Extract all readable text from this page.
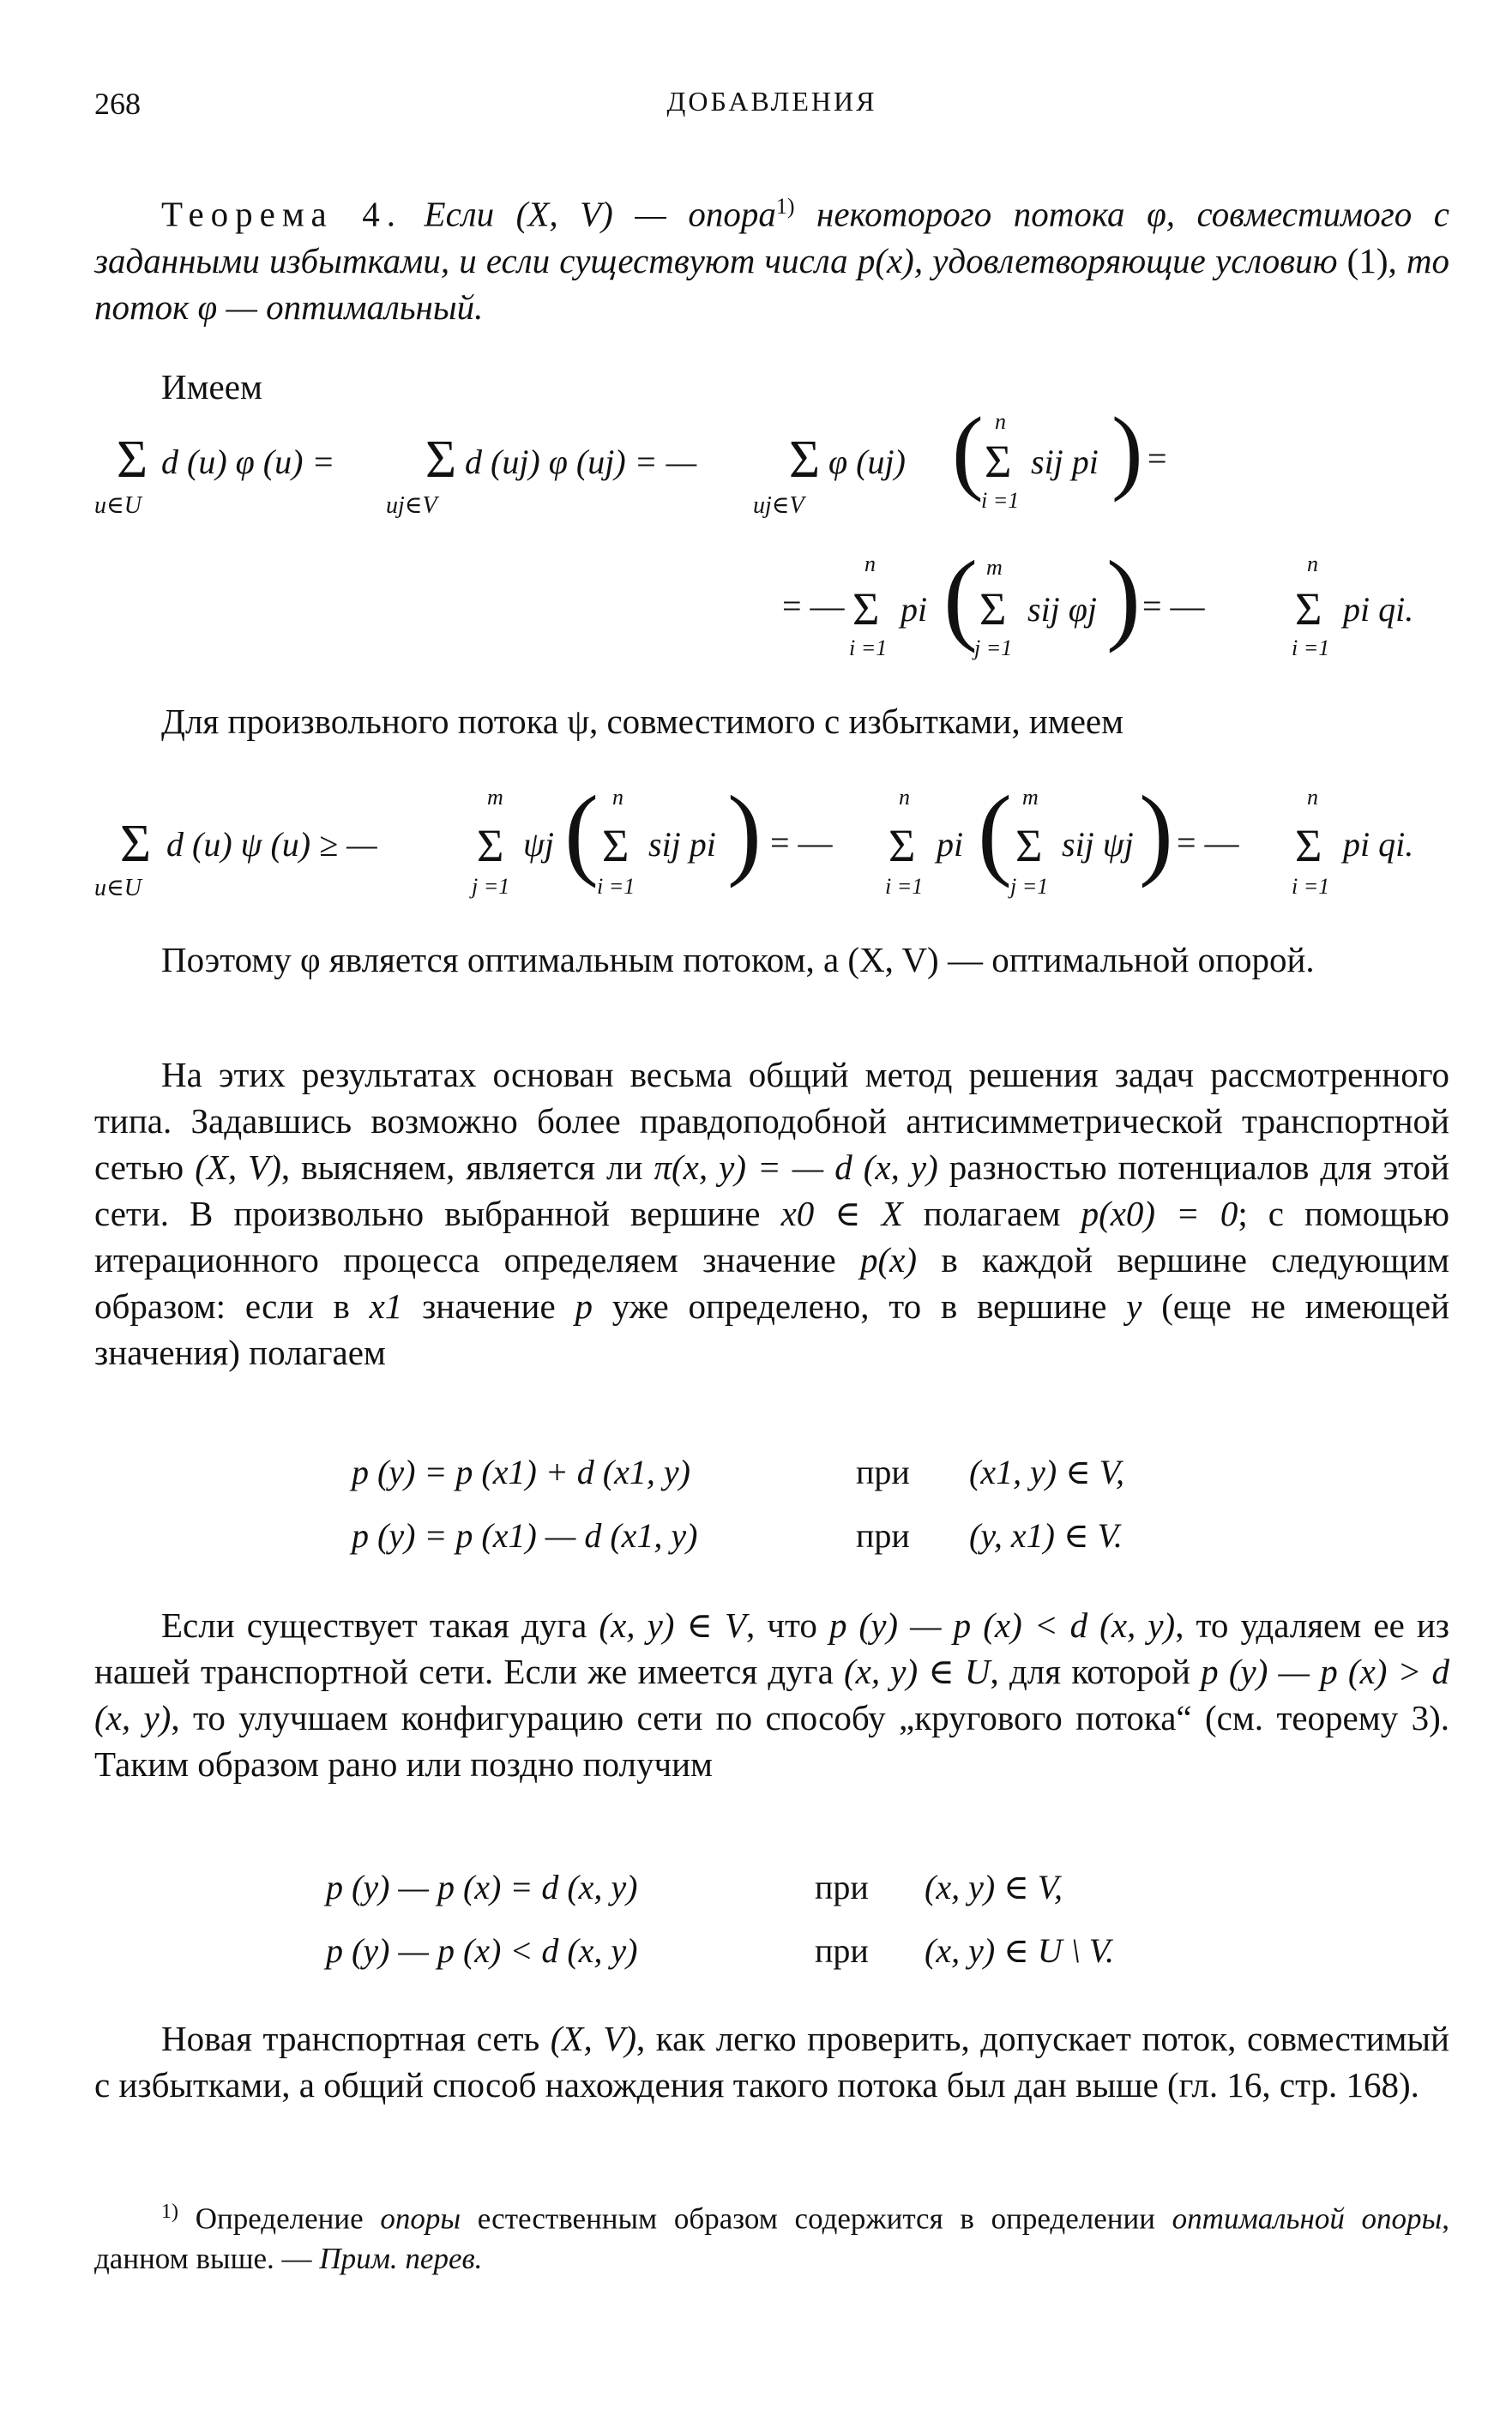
268	ДОБАВЛЕНИЯ
Теорема 4. Если (X, V) — опора$^{1)}$ некоторого потока φ, совместимого с заданными избытками, и если существуют числа p(x), удовлетворяющие условию (1), то поток φ — оптимальный.
Имеем
Σ
u∈U
d (u) φ (u) = Σ
uj∈V
d (uj) φ (uj) = — Σ
uj∈V
φ (uj) ( n
Σ
i =1
sij pi ) =
= —
n
Σ
i =1
pi ( m
Σ
j =1
sij φj ) = —
n
Σ
i =1
pi qi.
Для произвольного потока ψ, совместимого с избытками, имеем
Σ
u∈U
d (u) ψ (u) ≥ —
m
Σ
j =1
ψj ( n
Σ
i =1
sij pi ) = —
n
Σ
i =1
pi ( m
Σ
j =1
sij ψj ) = —
n
Σ
i =1
pi qi.
Поэтому φ является оптимальным потоком, а (X, V) — оптимальной опорой.
На этих результатах основан весьма общий метод решения задач рассмотренного типа. Задавшись возможно более правдоподобной антисимметрической транспортной сетью (X, V), выясняем, является ли π(x, y) = — d (x, y) разностью потенциалов для этой сети. В произвольно выбранной вершине x0 ∈ X полагаем p(x0) = 0; с помощью итерационного процесса определяем значение p(x) в каждой вершине следующим образом: если в x1 значение p уже определено, то в вершине y (еще не имеющей значения) полагаем
p (y) = p (x1) + d (x1, y)	при (x1, y) ∈ V,
p (y) = p (x1) — d (x1, y)	при (y, x1) ∈ V.
Если существует такая дуга (x, y) ∈ V, что p (y) — p (x) < d (x, y), то удаляем ее из нашей транспортной сети. Если же имеется дуга (x, y) ∈ U, для которой p (y) — p (x) > d (x, y), то улучшаем конфигурацию сети по способу „кругового потока“ (см. теорему 3). Таким образом рано или поздно получим
p (y) — p (x) = d (x, y)	при (x, y) ∈ V,
p (y) — p (x) < d (x, y)	при (x, y) ∈ U \ V.
Новая транспортная сеть (X, V), как легко проверить, допускает поток, совместимый с избытками, а общий способ нахождения такого потока был дан выше (гл. 16, стр. 168).
$^{1)}$ Определение опоры естественным образом содержится в определении оптимальной опоры, данном выше. — Прим. перев.
